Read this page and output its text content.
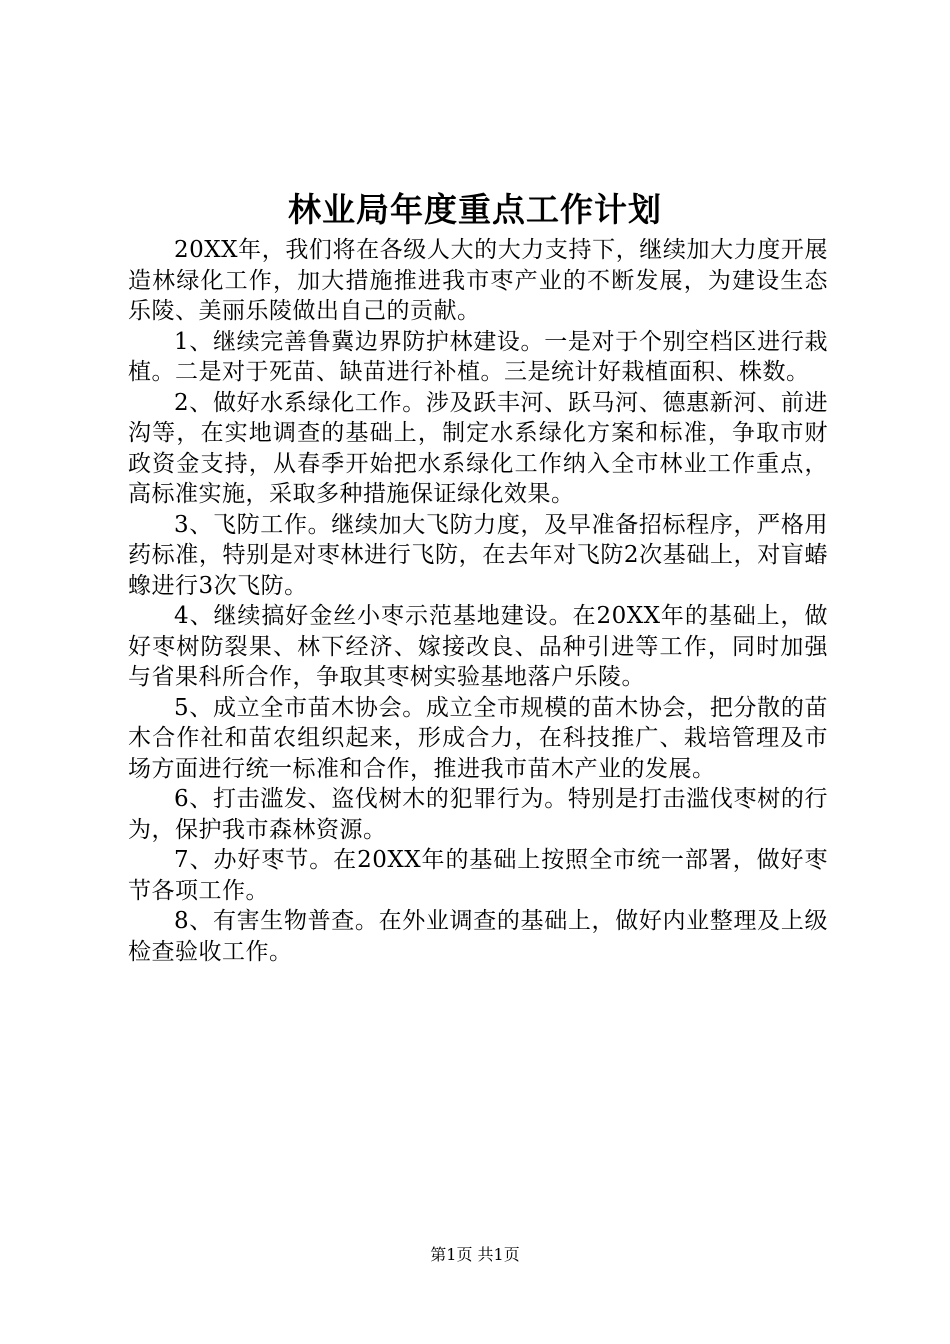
林业局年度重点工作计划

20XX年，我们将在各级人大的大力支持下，继续加大力度开展造林绿化工作，加大措施推进我市枣产业的不断发展，为建设生态乐陵、美丽乐陵做出自己的贡献。

1、继续完善鲁冀边界防护林建设。一是对于个别空档区进行栽植。二是对于死苗、缺苗进行补植。三是统计好栽植面积、株数。

2、做好水系绿化工作。涉及跃丰河、跃马河、德惠新河、前进沟等，在实地调查的基础上，制定水系绿化方案和标准，争取市财政资金支持，从春季开始把水系绿化工作纳入全市林业工作重点，高标准实施，采取多种措施保证绿化效果。

3、飞防工作。继续加大飞防力度，及早准备招标程序，严格用药标准，特别是对枣林进行飞防，在去年对飞防2次基础上，对盲蝽蟓进行3次飞防。

4、继续搞好金丝小枣示范基地建设。在20XX年的基础上，做好枣树防裂果、林下经济、嫁接改良、品种引进等工作，同时加强与省果科所合作，争取其枣树实验基地落户乐陵。

5、成立全市苗木协会。成立全市规模的苗木协会，把分散的苗木合作社和苗农组织起来，形成合力，在科技推广、栽培管理及市场方面进行统一标准和合作，推进我市苗木产业的发展。

6、打击滥发、盗伐树木的犯罪行为。特别是打击滥伐枣树的行为，保护我市森林资源。

7、办好枣节。在20XX年的基础上按照全市统一部署，做好枣节各项工作。

8、有害生物普查。在外业调查的基础上，做好内业整理及上级检查验收工作。

第1页 共1页
